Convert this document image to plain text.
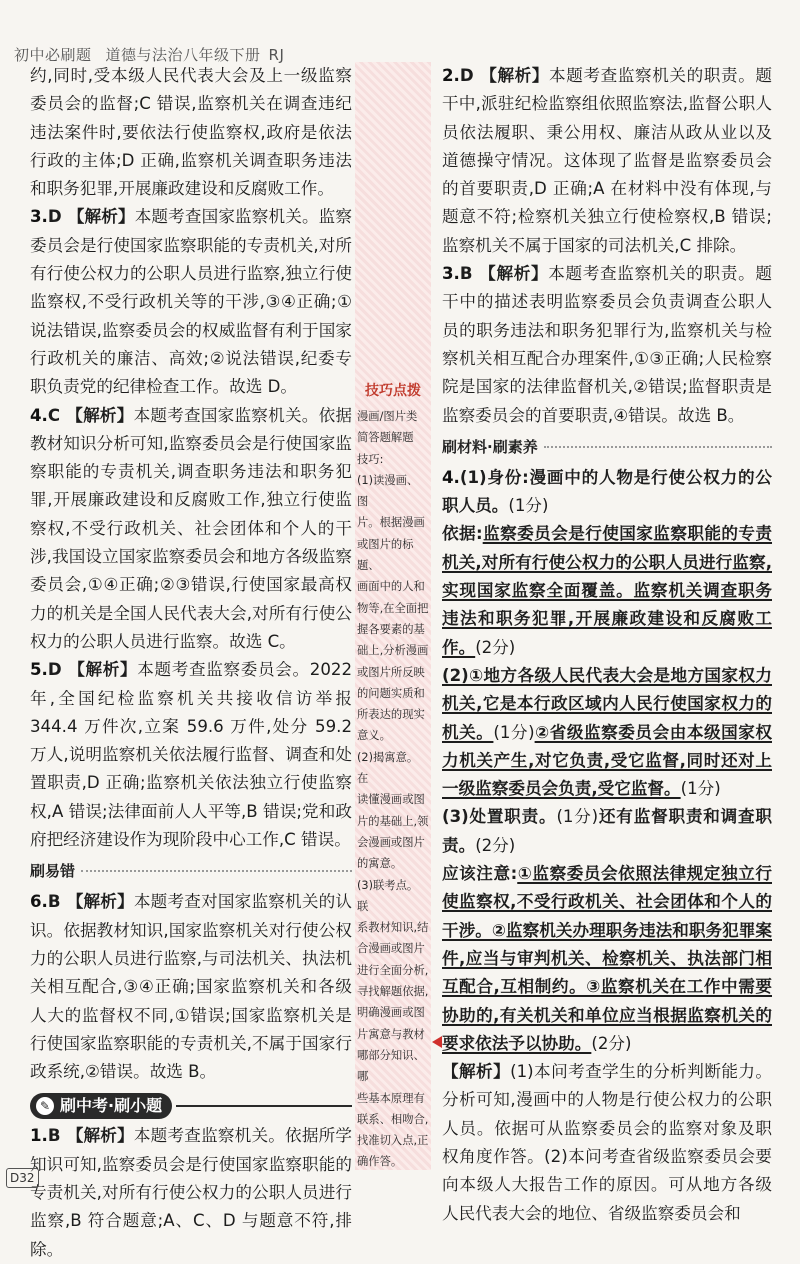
初中必刷题 道德与法治八年级下册 RJ

约,同时,受本级人民代表大会及上一级监察委员会的监督;C 错误,监察机关在调查违纪违法案件时,要依法行使监察权,政府是依法行政的主体;D 正确,监察机关调查职务违法和职务犯罪,开展廉政建设和反腐败工作。

3.D 【解析】本题考查国家监察机关。监察委员会是行使国家监察职能的专责机关,对所有行使公权力的公职人员进行监察,独立行使监察权,不受行政机关等的干涉,③④正确;①说法错误,监察委员会的权威监督有利于国家行政机关的廉洁、高效;②说法错误,纪委专职负责党的纪律检查工作。故选 D。

4.C 【解析】本题考查国家监察机关。依据教材知识分析可知,监察委员会是行使国家监察职能的专责机关,调查职务违法和职务犯罪,开展廉政建设和反腐败工作,独立行使监察权,不受行政机关、社会团体和个人的干涉,我国设立国家监察委员会和地方各级监察委员会,①④正确;②③错误,行使国家最高权力的机关是全国人民代表大会,对所有行使公权力的公职人员进行监察。故选 C。

5.D 【解析】本题考查监察委员会。2022 年,全国纪检监察机关共接收信访举报 344.4 万件次,立案 59.6 万件,处分 59.2 万人,说明监察机关依法履行监督、调查和处置职责,D 正确;监察机关依法独立行使监察权,A 错误;法律面前人人平等,B 错误;党和政府把经济建设作为现阶段中心工作,C 错误。

刷易错

6.B 【解析】本题考查对国家监察机关的认识。依据教材知识,国家监察机关对行使公权力的公职人员进行监察,与司法机关、执法机关相互配合,③④正确;国家监察机关和各级人大的监督权不同,①错误;国家监察机关是行使国家监察职能的专责机关,不属于国家行政系统,②错误。故选 B。

✎ 刷中考·刷小题

1.B 【解析】本题考查监察机关。依据所学知识可知,监察委员会是行使国家监察职能的专责机关,对所有行使公权力的公职人员进行监察,B 符合题意;A、C、D 与题意不符,排除。

技巧点拨

漫画/图片类

简答题解题

技巧:

(1)读漫画、图

片。根据漫画

或图片的标题、

画面中的人和

物等,在全面把

握各要素的基

础上,分析漫画

或图片所反映

的问题实质和

所表达的现实

意义。

(2)揭寓意。在

读懂漫画或图

片的基础上,领

会漫画或图片

的寓意。

(3)联考点。联

系教材知识,结

合漫画或图片

进行全面分析,

寻找解题依据,

明确漫画或图

片寓意与教材

哪部分知识、哪

些基本原理有

联系、相吻合,

找准切入点,正

确作答。

2.D 【解析】本题考查监察机关的职责。题干中,派驻纪检监察组依照监察法,监督公职人员依法履职、秉公用权、廉洁从政从业以及道德操守情况。这体现了监督是监察委员会的首要职责,D 正确;A 在材料中没有体现,与题意不符;检察机关独立行使检察权,B 错误;监察机关不属于国家的司法机关,C 排除。

3.B 【解析】本题考查监察机关的职责。题干中的描述表明监察委员会负责调查公职人员的职务违法和职务犯罪行为,监察机关与检察机关相互配合办理案件,①③正确;人民检察院是国家的法律监督机关,②错误;监督职责是监察委员会的首要职责,④错误。故选 B。

刷材料·刷素养

4.(1)身份:漫画中的人物是行使公权力的公职人员。(1分)

依据:监察委员会是行使国家监察职能的专责机关,对所有行使公权力的公职人员进行监察,实现国家监察全面覆盖。监察机关调查职务违法和职务犯罪,开展廉政建设和反腐败工作。(2分)

(2)①地方各级人民代表大会是地方国家权力机关,它是本行政区域内人民行使国家权力的机关。(1分)②省级监察委员会由本级国家权力机关产生,对它负责,受它监督,同时还对上一级监察委员会负责,受它监督。(1分)

(3)处置职责。(1分)还有监督职责和调查职责。(2分)

应该注意:①监察委员会依照法律规定独立行使监察权,不受行政机关、社会团体和个人的干涉。②监察机关办理职务违法和职务犯罪案件,应当与审判机关、检察机关、执法部门相互配合,互相制约。③监察机关在工作中需要协助的,有关机关和单位应当根据监察机关的要求依法予以协助。(2分)

【解析】(1)本问考查学生的分析判断能力。分析可知,漫画中的人物是行使公权力的公职人员。依据可从监察委员会的监察对象及职权角度作答。(2)本问考查省级监察委员会要向本级人大报告工作的原因。可从地方各级人民代表大会的地位、省级监察委员会和

D32
